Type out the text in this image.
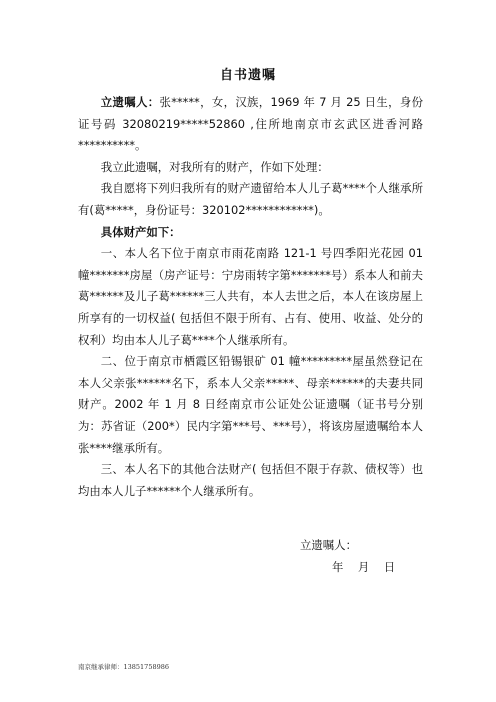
自书遗嘱

立遗嘱人：张*****，女，汉族，1969 年 7 月 25 日生，身份证号码 32080219*****52860 ,住所地南京市玄武区进香河路**********。

我立此遗嘱，对我所有的财产，作如下处理：

我自愿将下列归我所有的财产遗留给本人儿子葛****个人继承所有(葛*****，身份证号：320102************)。

具体财产如下：

一、本人名下位于南京市雨花南路 121-1 号四季阳光花园 01 幢*******房屋（房产证号：宁房雨转字第*******号）系本人和前夫葛******及儿子葛******三人共有，本人去世之后，本人在该房屋上所享有的一切权益( 包括但不限于所有、占有、使用、收益、处分的权利）均由本人儿子葛****个人继承所有。

二、位于南京市栖霞区铅锡银矿 01 幢*********屋虽然登记在本人父亲张******名下，系本人父亲*****、母亲******的夫妻共同财产。2002 年 1 月 8 日经南京市公证处公证遗嘱（证书号分别为：苏省证（200*）民内字第***号、***号），将该房屋遗嘱给本人张****继承所有。

三、本人名下的其他合法财产( 包括但不限于存款、债权等）也均由本人儿子******个人继承所有。

立遗嘱人：
年    月    日
南京继承律师：13851758986
